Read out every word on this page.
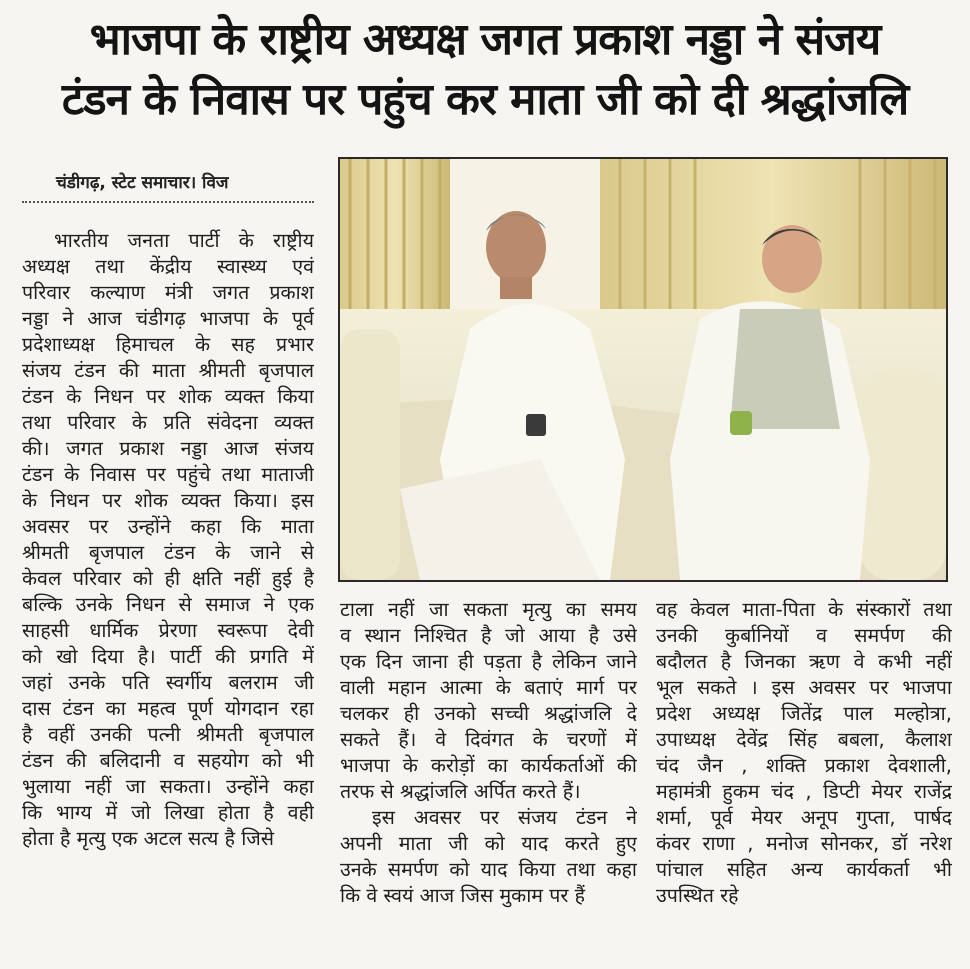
भाजपा के राष्ट्रीय अध्यक्ष जगत प्रकाश नड्डा ने संजय
टंडन के निवास पर पहुंच कर माता जी को दी श्रद्धांजलि
चंडीगढ़, स्टेट समाचार। विज
भारतीय जनता पार्टी के राष्ट्रीय
अध्यक्ष तथा केंद्रीय स्वास्थ्य एवं
परिवार कल्याण मंत्री जगत प्रकाश
नड्डा ने आज चंडीगढ़ भाजपा के पूर्व
प्रदेशाध्यक्ष हिमाचल के सह प्रभार
संजय टंडन की माता श्रीमती बृजपाल
टंडन के निधन पर शोक व्यक्त किया
तथा परिवार के प्रति संवेदना व्यक्त
की। जगत प्रकाश नड्डा आज संजय
टंडन के निवास पर पहुंचे तथा माताजी
के निधन पर शोक व्यक्त किया। इस
अवसर पर उन्होंने कहा कि माता
श्रीमती बृजपाल टंडन के जाने से
केवल परिवार को ही क्षति नहीं हुई है
बल्कि उनके निधन से समाज ने एक
साहसी धार्मिक प्रेरणा स्वरूपा देवी
को खो दिया है। पार्टी की प्रगति में
जहां उनके पति स्वर्गीय बलराम जी
दास टंडन का महत्व पूर्ण योगदान रहा
है वहीं उनकी पत्नी श्रीमती बृजपाल
टंडन की बलिदानी व सहयोग को भी
भुलाया नहीं जा सकता। उन्होंने कहा
कि भाग्य में जो लिखा होता है वही
होता है मृत्यु एक अटल सत्य है जिसे
टाला नहीं जा सकता मृत्यु का समय
व स्थान निश्चित है जो आया है उसे
एक दिन जाना ही पड़ता है लेकिन जाने
वाली महान आत्मा के बताएं मार्ग पर
चलकर ही उनको सच्ची श्रद्धांजलि दे
सकते हैं। वे दिवंगत के चरणों में
भाजपा के करोड़ों का कार्यकर्ताओं की
तरफ से श्रद्धांजलि अर्पित करते हैं।
इस अवसर पर संजय टंडन ने
अपनी माता जी को याद करते हुए
उनके समर्पण को याद किया तथा कहा
कि वे स्वयं आज जिस मुकाम पर हैं
वह केवल माता-पिता के संस्कारों तथा
उनकी कुर्बानियों व समर्पण की
बदौलत है जिनका ऋण वे कभी नहीं
भूल सकते । इस अवसर पर भाजपा
प्रदेश अध्यक्ष जितेंद्र पाल मल्होत्रा,
उपाध्यक्ष देवेंद्र सिंह बबला, कैलाश
चंद जैन , शक्ति प्रकाश देवशाली,
महामंत्री हुकम चंद , डिप्टी मेयर राजेंद्र
शर्मा, पूर्व मेयर अनूप गुप्ता, पार्षद
कंवर राणा , मनोज सोनकर, डॉ नरेश
पांचाल सहित अन्य कार्यकर्ता भी
उपस्थित रहे
